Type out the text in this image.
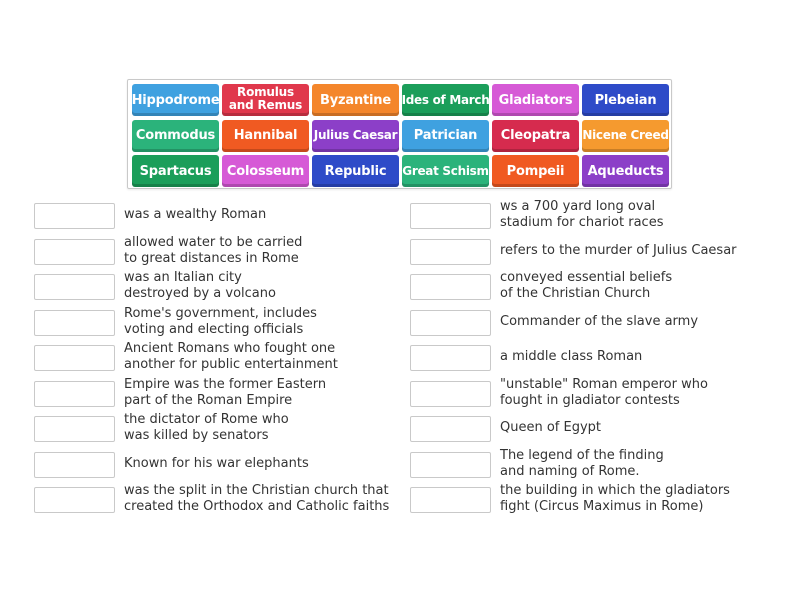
Hippodrome
Romulus
and Remus	Byzantine Ides of March Gladiators	Plebeian
Commodus	Hannibal	Julius Caesar	Patrician	Cleopatra	Nicene Creed
Spartacus	Colosseum	Republic	Great Schism	Pompeii	Aqueducts
was a wealthy Roman
allowed water to be carried
to great distances in Rome
was an Italian city
destroyed by a volcano
Rome's government, includes
voting and electing officials
Ancient Romans who fought one
another for public entertainment
Empire was the former Eastern
part of the Roman Empire
the dictator of Rome who
was killed by senators
Known for his war elephants
was the split in the Christian church that
created the Orthodox and Catholic faiths
ws a 700 yard long oval
stadium for chariot races
refers to the murder of Julius Caesar
conveyed essential beliefs
of the Christian Church
Commander of the slave army
a middle class Roman
"unstable" Roman emperor who
fought in gladiator contests
Queen of Egypt
The legend of the finding
and naming of Rome.
the building in which the gladiators
fight (Circus Maximus in Rome)
